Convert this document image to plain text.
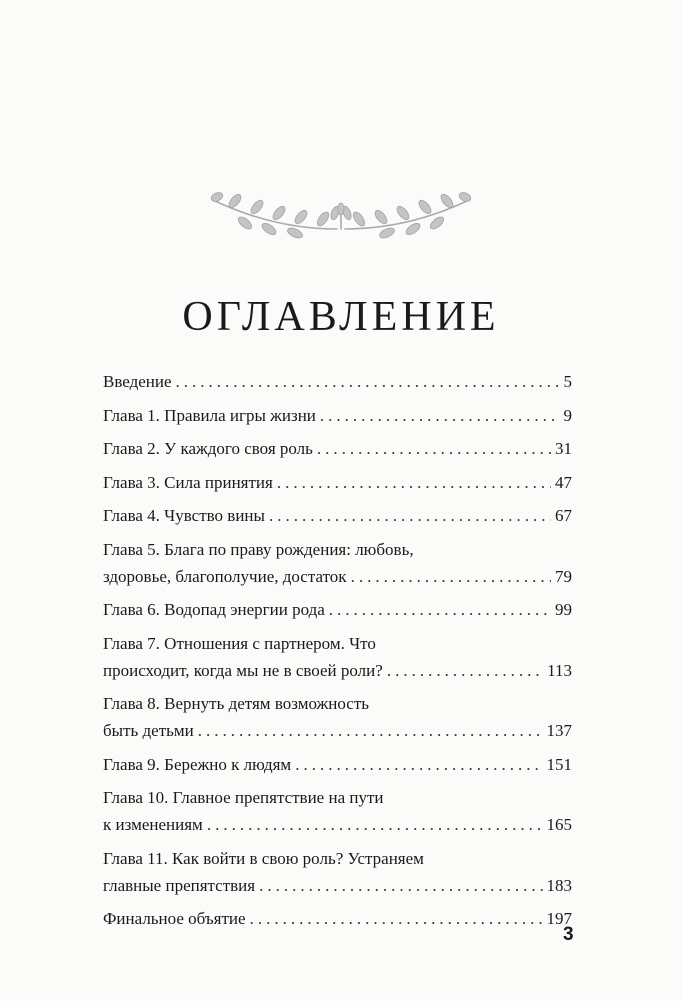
ОГЛАВЛЕНИЕ
Введение .....	5
Глава 1. Правила игры жизни .....	9
Глава 2. У каждого своя роль .....	31
Глава 3. Сила принятия .....	47
Глава 4. Чувство вины .....	67
Глава 5. Блага по праву рождения: любовь,
здоровье, благополучие, достаток .....	79
Глава 6. Водопад энергии рода .....	99
Глава 7. Отношения с партнером. Что
происходит, когда мы не в своей роли? .....	113
Глава 8. Вернуть детям возможность
быть детьми .....	137
Глава 9. Бережно к людям .....	151
Глава 10. Главное препятствие на пути
к изменениям .....	165
Глава 11. Как войти в свою роль? Устраняем
главные препятствия .....	183
Финальное объятие .....	197
3
